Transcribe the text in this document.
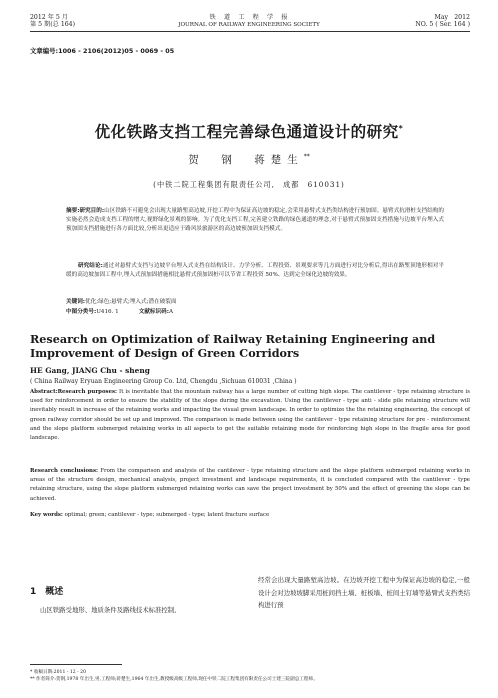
2012 年 5 月
第 5 期(总 164)
铁　道　工　程　学　报
JOURNAL OF RAILWAY ENGINEERING SOCIETY
May　2012
NO. 5 ( Ser. 164 )
文章编号:1006 - 2106(2012)05 - 0069 - 05
优化铁路支挡工程完善绿色通道设计的研究*
贺　钢　蒋楚生**
(中铁二院工程集团有限责任公司,　成都　610031)
摘要:研究目的:山区铁路不可避免会出现大量路堑高边坡,开挖工程中为保证高边坡的稳定,会采用悬臂式支挡类结构进行预加固。悬臂式抗滑桩支挡结构的实施必然会造成支挡工程的增大,视野绿化景观的影响。为了优化支挡工程,完善建立铁路的绿色通道的理念,对于悬臂式预加固支挡措施与边坡平台埋入式预加固支挡措施进行各方面比较,分析出更适应于路风景旅游区的高边坡预加固支挡模式。
研究结论:通过对悬臂式支挡与边坡平台埋入式支挡在结构设计、力学分析、工程投资、景观要求等几方面进行对比分析后,得出在路堑顶地形相对平缓的高边坡加固工程中,埋入式预加固措施相比悬臂式预加固桩可以节省工程投资 50%、达到完全绿化边坡的效果。
关键词:优化;绿色;悬臂式;埋入式;潜在破裂面
中图分类号:U416. 1	文献标识码:A
Research on Optimization of Railway Retaining Engineering and Improvement of Design of Green Corridors
HE Gang, JIANG Chu - sheng
( China Railway Eryuan Engineering Group Co. Ltd, Chengdu ,Sichuan 610031 ,China )
Abstract:Research purposes: It is inevitable that the mountain railway has a large number of cutting high slope. The cantilever - type retaining structure is used for reinforcement in order to ensure the stability of the slope during the excavation. Using the cantilever - type anti - slide pile retaining structure will inevitably result in increase of the retaining works and impacting the visual green landscape. In order to optimize the the retaining engineering, the concept of green railway corridor should be set up and improved. The comparison is made between using the cantilever - type retaining structure for pre - reinforcement and the slope platform submerged retaining works in all aspects to get the suitable retaining mode for reinforcing high slope in the fragile area for good landscape.
Research conclusions: From the comparison and analysis of the cantilever - type retaining structure and the slope platform submerged retaining works in areas of the structure design, mechanical analysis, project investment and landscape requirements, it is concluded compared with the cantilever - type retaining structure, using the slope platform submerged retaining works can save the project investment by 50% and the effect of greening the slope can be achieved.
Key words: optimal; green; cantilever - type; submerged - type; latent fracture surface
1　概述
山区铁路受地形、地质条件及路线技术标准控制,
经常会出现大量路堑高边坡。在边坡开挖工程中为保证高边坡的稳定,一般设计会对边坡坡脚采用桩间挡土墙、桩板墙、桩间土钉墙等悬臂式支挡类结构进行预
* 收稿日期:2011 - 12 - 20
** 作者简介:贺钢,1978 年出生,男,工程师;蒋楚生,1964 年出生,教授级高级工程师,现任中铁二院工程集团有限责任公司土建三院副总工程师。
